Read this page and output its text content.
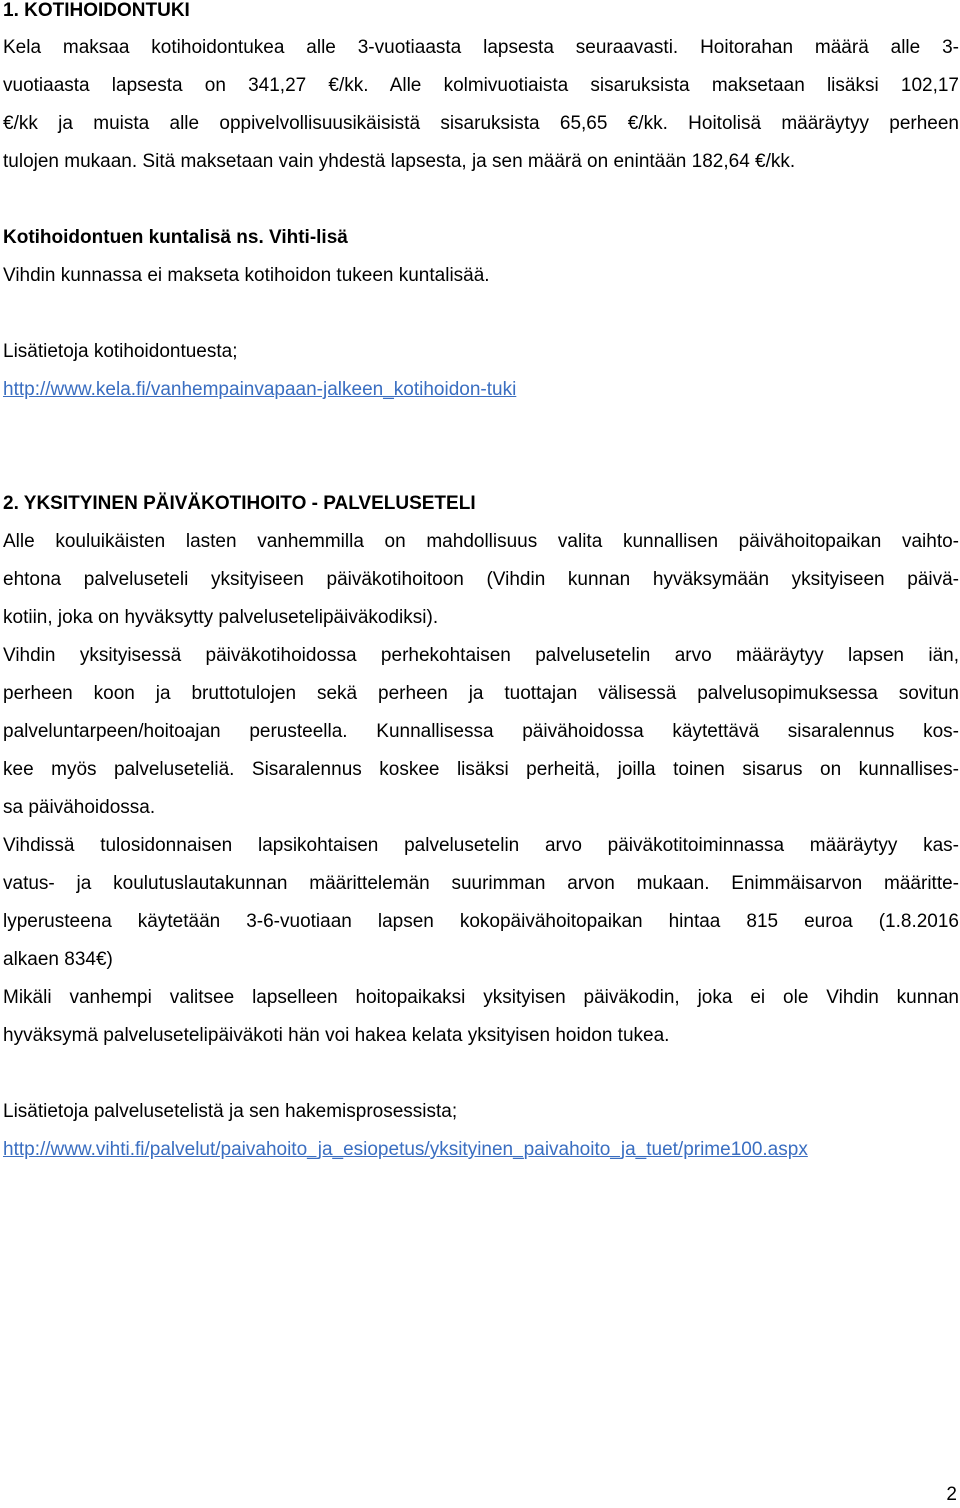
1. KOTIHOIDONTUKI
Kela maksaa kotihoidontukea alle 3-vuotiaasta lapsesta seuraavasti. Hoitorahan määrä alle 3-
vuotiaasta lapsesta on 341,27 €/kk. Alle kolmivuotiaista sisaruksista maksetaan lisäksi 102,17
€/kk ja muista alle oppivelvollisuusikäisistä sisaruksista 65,65 €/kk. Hoitolisä määräytyy perheen
tulojen mukaan. Sitä maksetaan vain yhdestä lapsesta, ja sen määrä on enintään 182,64 €/kk.
Kotihoidontuen kuntalisä ns. Vihti-lisä
Vihdin kunnassa ei makseta kotihoidon tukeen kuntalisää.
Lisätietoja kotihoidontuesta;
http://www.kela.fi/vanhempainvapaan-jalkeen_kotihoidon-tuki
2. YKSITYINEN PÄIVÄKOTIHOITO - PALVELUSETELI
Alle kouluikäisten lasten vanhemmilla on mahdollisuus valita kunnallisen päivähoitopaikan vaihto-
ehtona palveluseteli yksityiseen päiväkotihoitoon (Vihdin kunnan hyväksymään yksityiseen päivä-
kotiin, joka on hyväksytty palvelusetelipäiväkodiksi).
Vihdin yksityisessä päiväkotihoidossa perhekohtaisen palvelusetelin arvo määräytyy lapsen iän,
perheen koon ja bruttotulojen sekä perheen ja tuottajan välisessä palvelusopimuksessa sovitun
palveluntarpeen/hoitoajan perusteella. Kunnallisessa päivähoidossa käytettävä sisaralennus kos-
kee myös palveluseteliä. Sisaralennus koskee lisäksi perheitä, joilla toinen sisarus on kunnallises-
sa päivähoidossa.
Vihdissä tulosidonnaisen lapsikohtaisen palvelusetelin arvo päiväkotitoiminnassa määräytyy kas-
vatus- ja koulutuslautakunnan määrittelemän suurimman arvon mukaan. Enimmäisarvon määritte-
lyperusteena käytetään 3-6-vuotiaan lapsen kokopäivähoitopaikan hintaa 815 euroa (1.8.2016
alkaen 834€)
Mikäli vanhempi valitsee lapselleen hoitopaikaksi yksityisen päiväkodin, joka ei ole Vihdin kunnan
hyväksymä palvelusetelipäiväkoti hän voi hakea kelata yksityisen hoidon tukea.
Lisätietoja palvelusetelistä ja sen hakemisprosessista;
http://www.vihti.fi/palvelut/paivahoito_ja_esiopetus/yksityinen_paivahoito_ja_tuet/prime100.aspx
2
